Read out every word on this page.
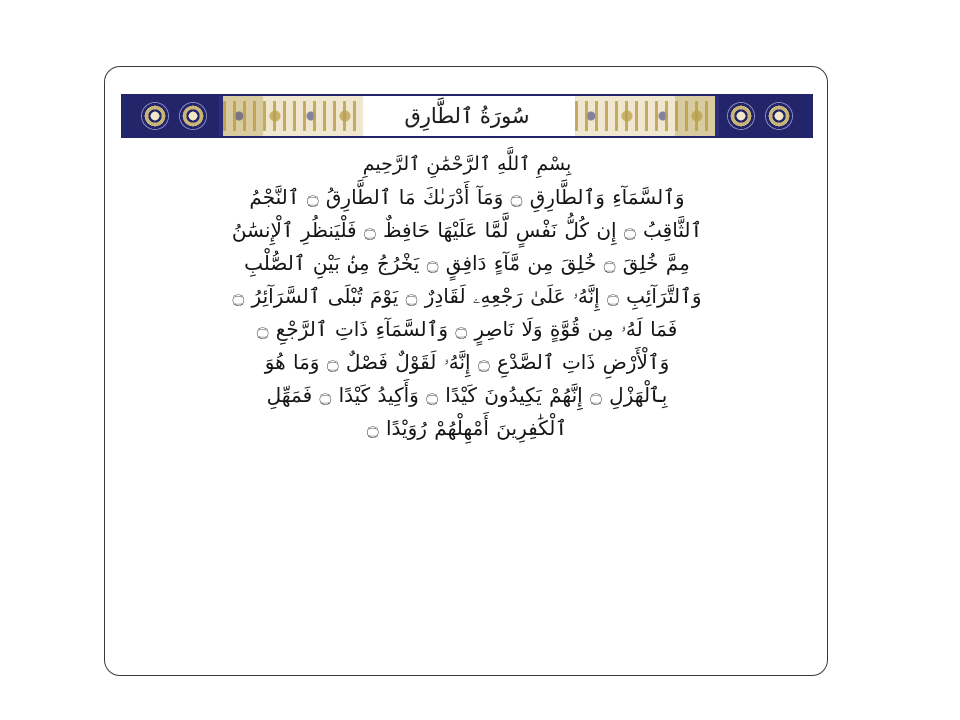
سُورَةُ ٱلطَّارِق
بِسْمِ ٱللَّهِ ٱلرَّحْمَٰنِ ٱلرَّحِيمِ
وَٱلسَّمَآءِ وَٱلطَّارِقِ ۝ وَمَآ أَدْرَىٰكَ مَا ٱلطَّارِقُ ۝ ٱلنَّجْمُ
ٱلثَّاقِبُ ۝ إِن كُلُّ نَفْسٍ لَّمَّا عَلَيْهَا حَافِظٌ ۝ فَلْيَنظُرِ ٱلْإِنسَٰنُ
مِمَّ خُلِقَ ۝ خُلِقَ مِن مَّآءٍ دَافِقٍ ۝ يَخْرُجُ مِنۢ بَيْنِ ٱلصُّلْبِ
وَٱلتَّرَآئِبِ ۝ إِنَّهُۥ عَلَىٰ رَجْعِهِۦ لَقَادِرٌ ۝ يَوْمَ تُبْلَى ٱلسَّرَآئِرُ ۝
فَمَا لَهُۥ مِن قُوَّةٍ وَلَا نَاصِرٍ ۝ وَٱلسَّمَآءِ ذَاتِ ٱلرَّجْعِ ۝
وَٱلْأَرْضِ ذَاتِ ٱلصَّدْعِ ۝ إِنَّهُۥ لَقَوْلٌ فَصْلٌ ۝ وَمَا هُوَ
بِٱلْهَزْلِ ۝ إِنَّهُمْ يَكِيدُونَ كَيْدًا ۝ وَأَكِيدُ كَيْدًا ۝ فَمَهِّلِ
ٱلْكَٰفِرِينَ أَمْهِلْهُمْ رُوَيْدًا ۝
